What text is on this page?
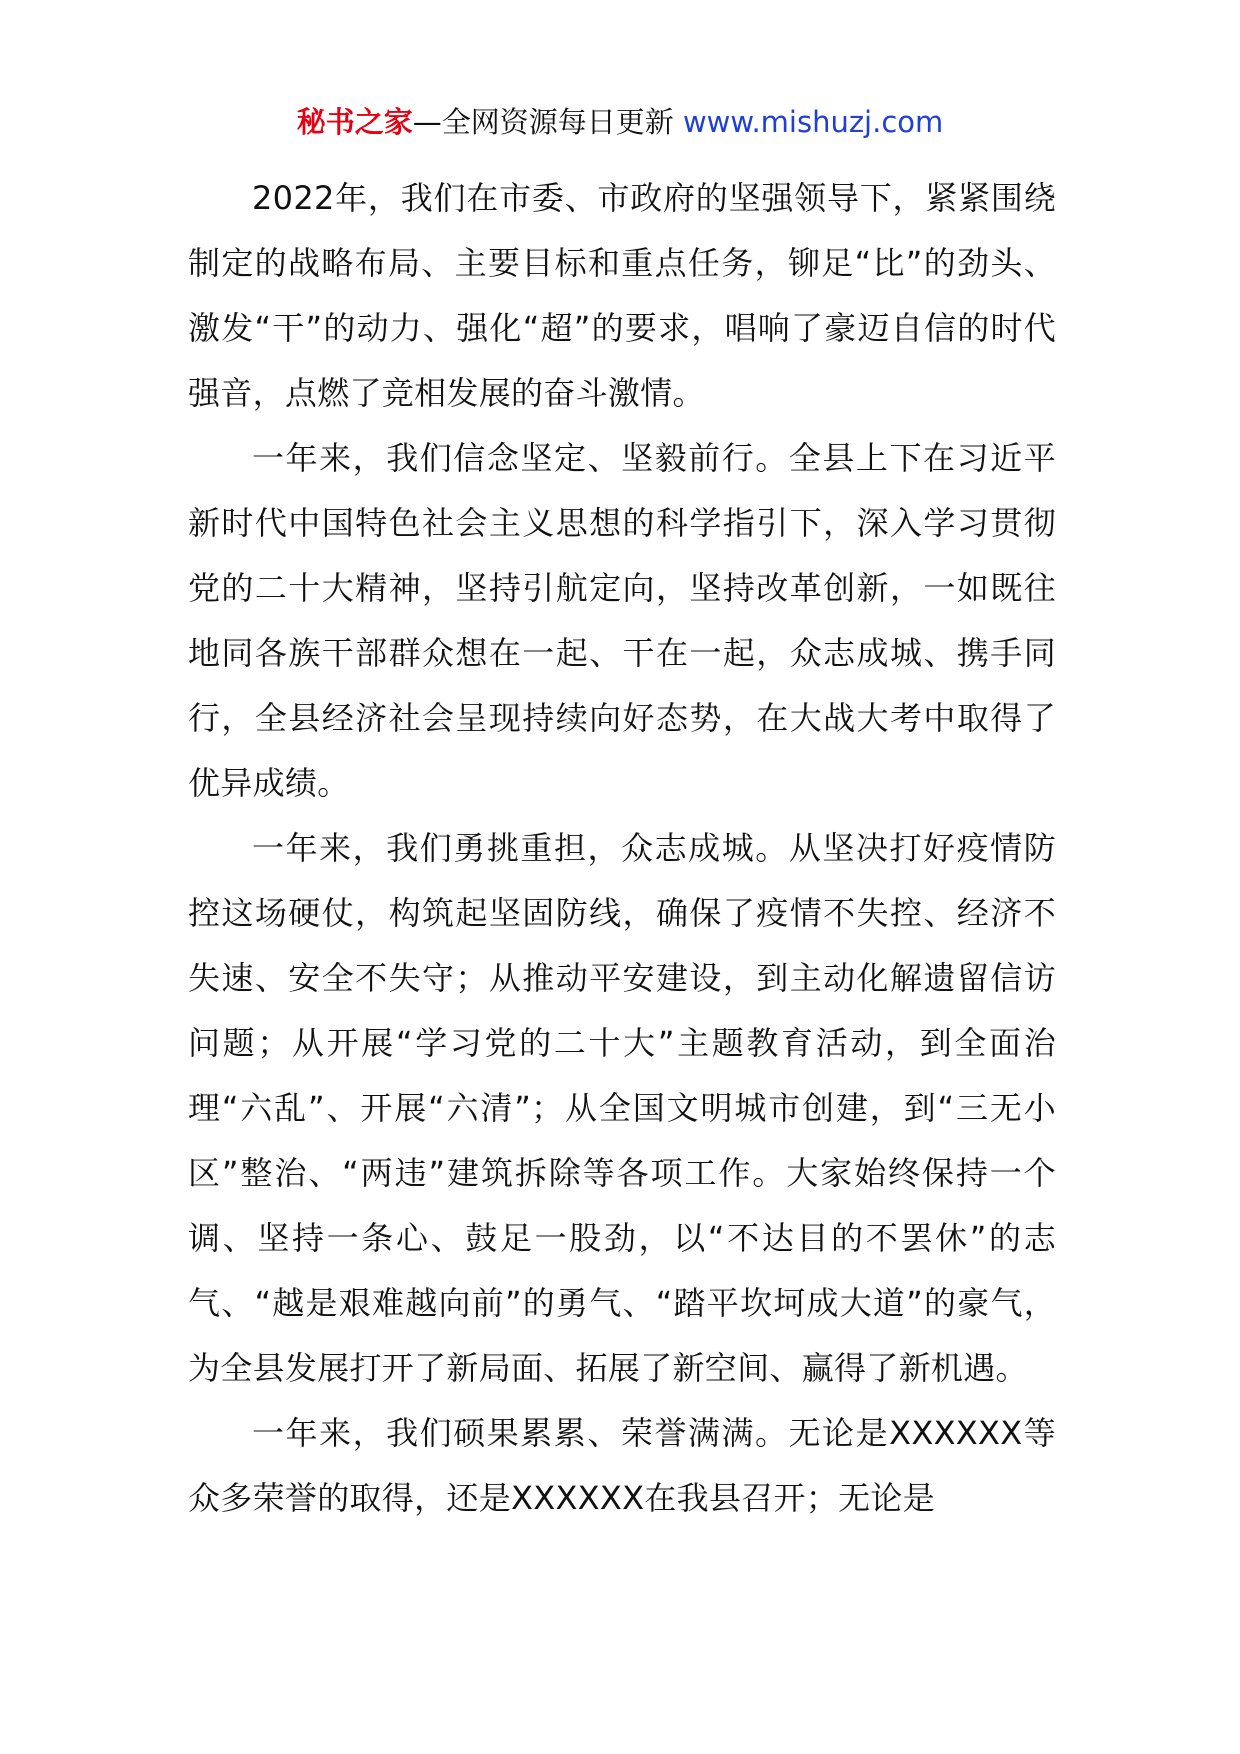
秘书之家—全网资源每日更新 www.mishuzj.com

2022年，我们在市委、市政府的坚强领导下，紧紧围绕制定的战略布局、主要目标和重点任务，铆足“比”的劲头、激发“干”的动力、强化“超”的要求，唱响了豪迈自信的时代强音，点燃了竞相发展的奋斗激情。

一年来，我们信念坚定、坚毅前行。全县上下在习近平新时代中国特色社会主义思想的科学指引下，深入学习贯彻党的二十大精神，坚持引航定向，坚持改革创新，一如既往地同各族干部群众想在一起、干在一起，众志成城、携手同行，全县经济社会呈现持续向好态势，在大战大考中取得了优异成绩。

一年来，我们勇挑重担，众志成城。从坚决打好疫情防控这场硬仗，构筑起坚固防线，确保了疫情不失控、经济不失速、安全不失守；从推动平安建设，到主动化解遗留信访问题；从开展“学习党的二十大”主题教育活动，到全面治理“六乱”、开展“六清”；从全国文明城市创建，到“三无小区”整治、“两违”建筑拆除等各项工作。大家始终保持一个调、坚持一条心、鼓足一股劲，以“不达目的不罢休”的志气、“越是艰难越向前”的勇气、“踏平坎坷成大道”的豪气，为全县发展打开了新局面、拓展了新空间、赢得了新机遇。

一年来，我们硕果累累、荣誉满满。无论是XXXXXX等众多荣誉的取得，还是XXXXXX在我县召开；无论是
